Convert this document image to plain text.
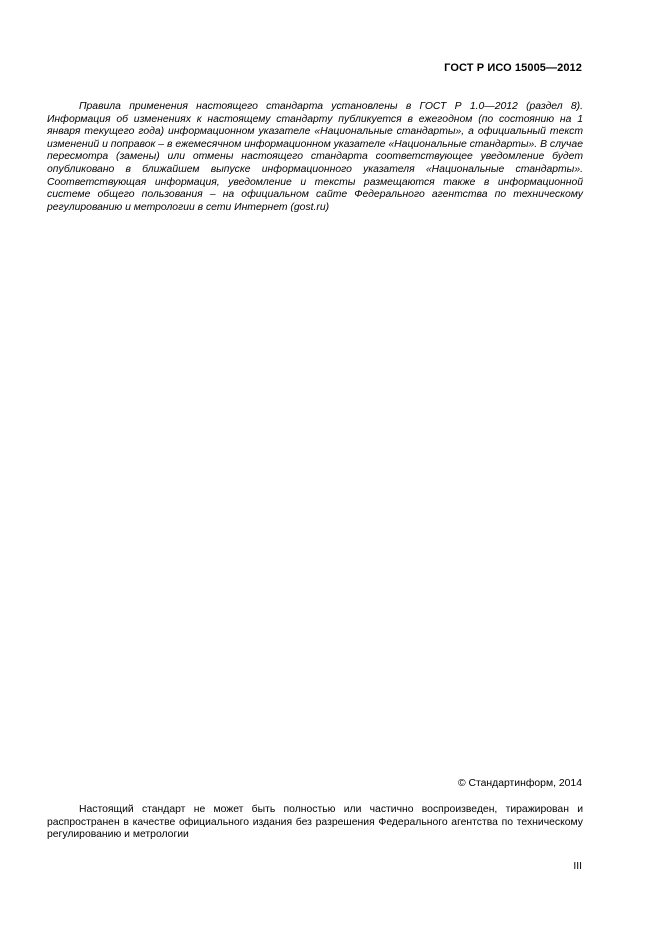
ГОСТ Р ИСО 15005—2012

Правила применения настоящего стандарта установлены в ГОСТ Р 1.0—2012 (раздел 8). Информация об изменениях к настоящему стандарту публикуется в ежегодном (по состоянию на 1 января текущего года) информационном указателе «Национальные стандарты», а официальный текст изменений и поправок – в ежемесячном информационном указателе «Национальные стандарты». В случае пересмотра (замены) или отмены настоящего стандарта соответствующее уведомление будет опубликовано в ближайшем выпуске информационного указателя «Национальные стандарты». Соответствующая информация, уведомление и тексты размещаются также в информационной системе общего пользования – на официальном сайте Федерального агентства по техническому регулированию и метрологии в сети Интернет (gost.ru)

© Стандартинформ, 2014

Настоящий стандарт не может быть полностью или частично воспроизведен, тиражирован и распространен в качестве официального издания без разрешения Федерального агентства по техническому регулированию и метрологии

III
